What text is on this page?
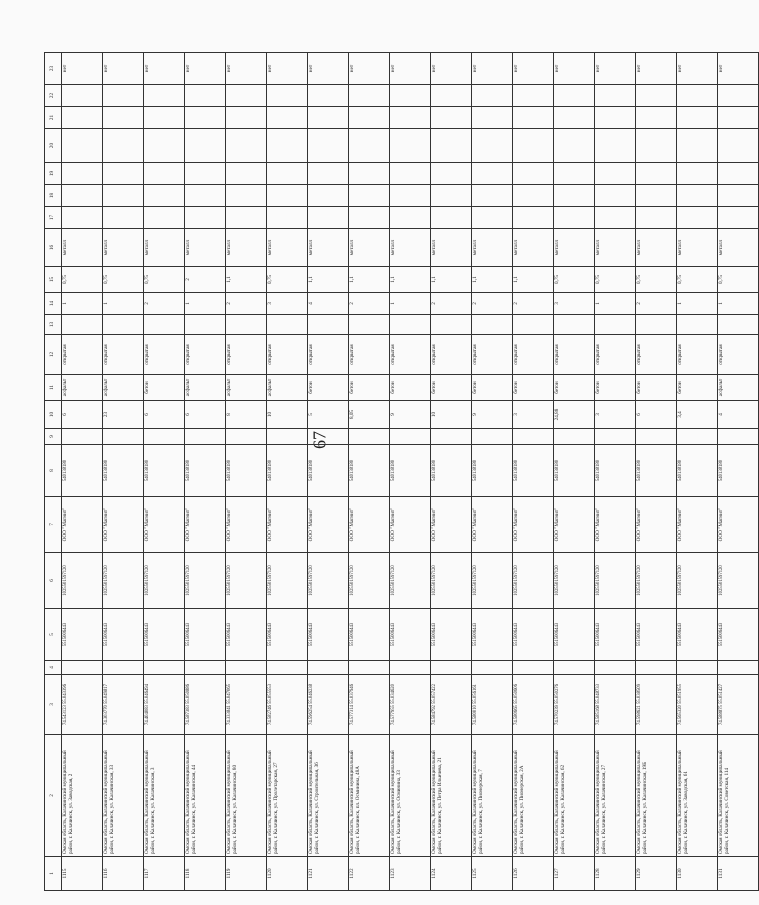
67
1	2	3	4	5	6	7	8	9	10	11	12	13	14	15	16	17	18	19	20	21	22	23
1115	Омская область, Калачинский муниципальный район, г. Калачинск, ул. Заводская, 2	74.543123 55.043396		5515006443	1025501597120	ООО "Магнит"	540138180		6	асфальт	открытая		1	0,75	металл							нет
1116	Омская область, Калачинский муниципальный район, г. Калачинск, ул. Калачинская, 33	74.303770 55.049817		5515006443	1025501597120	ООО "Магнит"	540138180		23	асфальт	открытая		1	0,75	металл							нет
1117	Омская область, Калачинский муниципальный район, г. Калачинск, ул. Калачинская, 3	74.404083 55.046494		5515006443	1025501597120	ООО "Магнит"	540138180		6	бетон	открытая		2	0,75	металл							нет
1118	Омская область, Калачинский муниципальный район, г. Калачинск, ул. Калачинская, 44	74.587383 55.050886		5515006443	1025501597120	ООО "Магнит"	540138180		6	асфальт	открытая		1	2	металл							нет
1119	Омская область, Калачинский муниципальный район, г. Калачинск, ул. Калачинская, 80	74.333841 55.047065		5515006443	1025501597120	ООО "Магнит"	540138180		8	асфальт	открытая		2	1,1	металл							нет
1120	Омская область, Калачинский муниципальный район, г. Калачинск, ул. Пролетарская, 27	74.582746 55.055553		5515006443	1025501597120	ООО "Магнит"	540138180		10	асфальт	открытая		3	0,75	металл							нет
1121	Омская область, Калачинский муниципальный район, г. Калачинск, ул. Строительная, 36	74.596254 55.046238		5515006443	1025501597120	ООО "Магнит"	540138180		5	бетон	открытая		4	1,1	металл							нет
1122	Омская область, Калачинский муниципальный район, г. Калачинск, пл. Осминина, 48А	74.577314 55.037946		5515006443	1025501597120	ООО "Магнит"	540138180		8,05	бетон	открытая		2	1,1	металл							нет
1123	Омская область, Калачинский муниципальный район, г. Калачинск, ул. Осминина, 33	74.577955 55.034620		5515006443	1025501597120	ООО "Магнит"	540138180		9	бетон	открытая		1	1,1	металл							нет
1124	Омская область, Калачинский муниципальный район, г. Калачинск, ул. Петра Ильичева, 21	74.584792 55.057422		5515006443	1025501597120	ООО "Магнит"	540138180		10	бетон	открытая		2	1,1	металл							нет
1125	Омская область, Калачинский муниципальный район, г. Калачинск, ул. Пионерская, 7	74.580010 55.056161		5515006443	1025501597120	ООО "Магнит"	540138180		9	бетон	открытая		2	1,1	металл							нет
1126	Омская область, Калачинский муниципальный район, г. Калачинск, ул. Пионерская, 2А	74.580665 55.050606		5515006443	1025501597120	ООО "Магнит"	540138180		3	бетон	открытая		2	1,1	металл							нет
1127	Омская область, Калачинский муниципальный район, г. Калачинск, ул. Калачинская, 62	74.570239 55.050276		5515006443	1025501597120	ООО "Магнит"	540138180		24,88	бетон	открытая		3	0,75	металл							нет
1128	Омская область, Калачинский муниципальный район, г. Калачинск, ул. Калачинская, 27	74.585168 55.048733		5515006443	1025501597120	ООО "Магнит"	540138180		3	бетон	открытая		1	0,75	металл							нет
1129	Омская область, Калачинский муниципальный район, г. Калачинск, ул. Калачинская, 19Б	74.598621 55.038509		5515006443	1025501597120	ООО "Магнит"	540138180		6	бетон	открытая		2	0,75	металл							нет
1130	Омская область, Калачинский муниципальный район, г. Калачинск, ул. Заводская, 61	74.565320 55.051955		5515006443	1025501597120	ООО "Магнит"	540138180		3,4	бетон	открытая		1	0,75	металл							нет
1131	Омская область, Калачинский муниципальный район, г. Калачинск, ул. Советская, 114	74.588875 55.051427		5515006443	1025501597120	ООО "Магнит"	540138180		4	асфальт	открытая		1	0,75	металл							нет
